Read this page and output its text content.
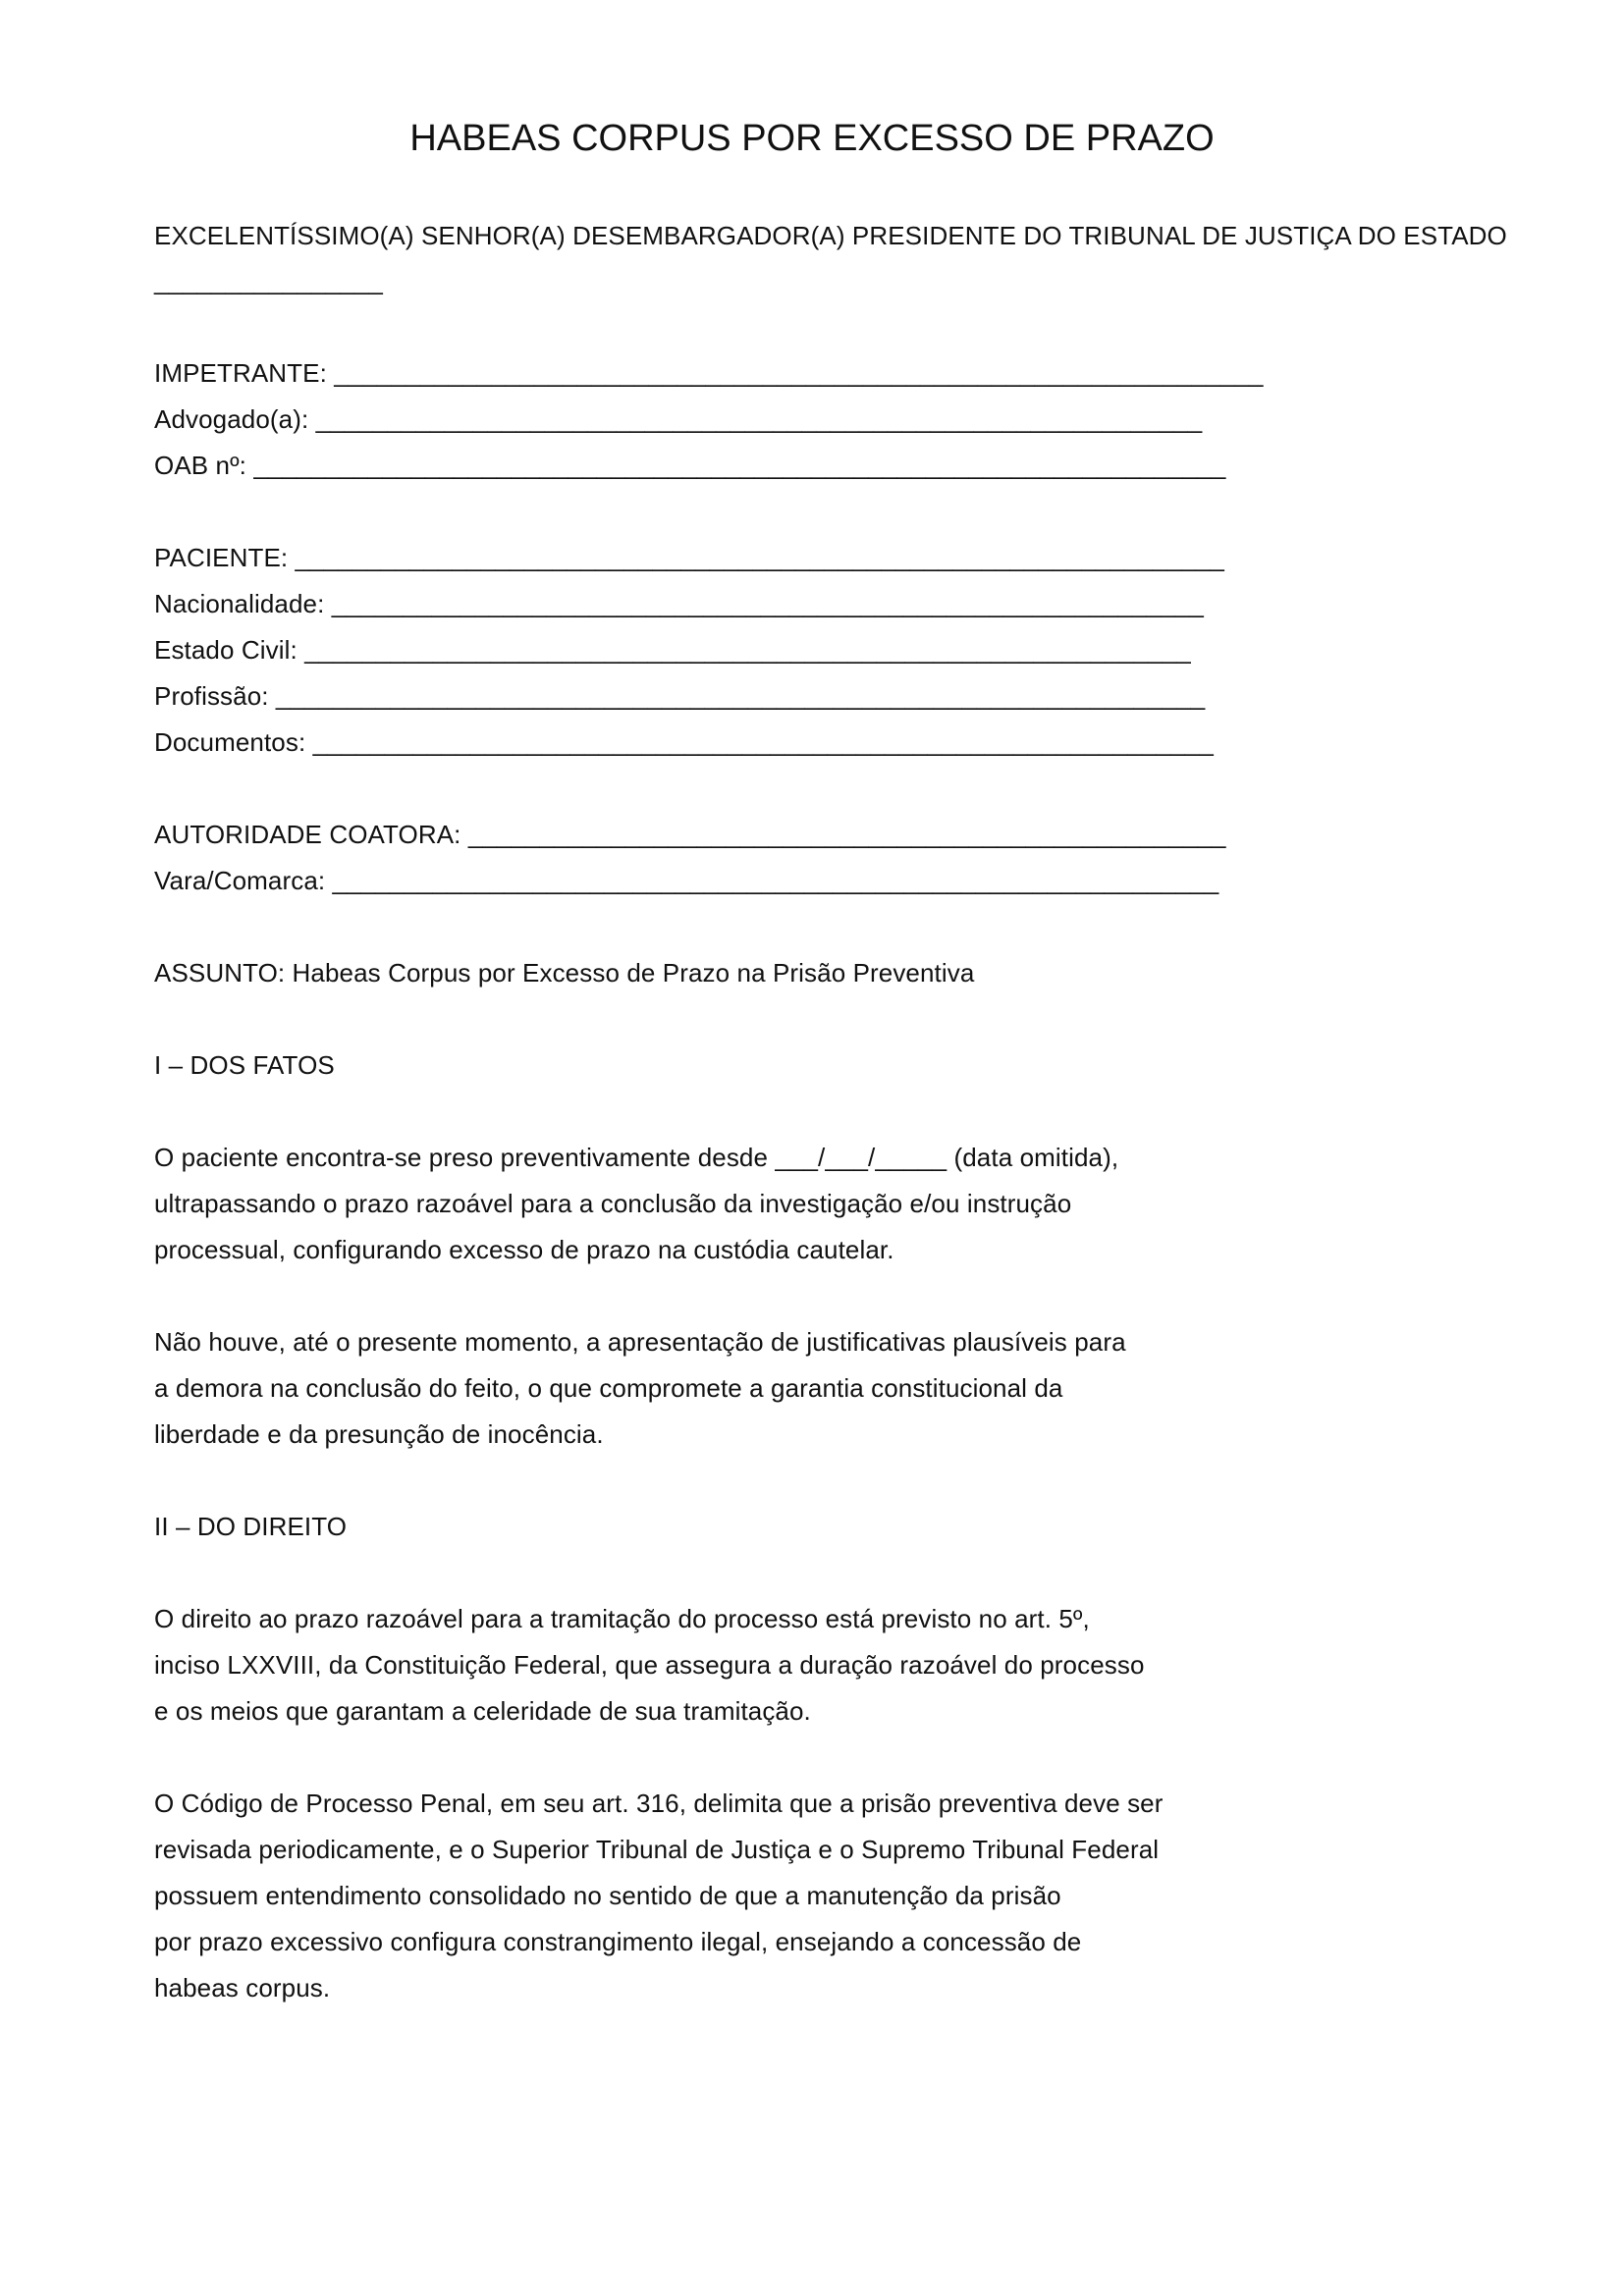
HABEAS CORPUS POR EXCESSO DE PRAZO
EXCELENTÍSSIMO(A) SENHOR(A) DESEMBARGADOR(A) PRESIDENTE DO TRIBUNAL DE JUSTIÇA DO ESTADO
________________
IMPETRANTE: _________________________________________________________________
Advogado(a): ______________________________________________________________
OAB nº: ____________________________________________________________________
PACIENTE: _________________________________________________________________
Nacionalidade: _____________________________________________________________
Estado Civil: ______________________________________________________________
Profissão: _________________________________________________________________
Documentos: _______________________________________________________________
AUTORIDADE COATORA: _____________________________________________________
Vara/Comarca: ______________________________________________________________
ASSUNTO: Habeas Corpus por Excesso de Prazo na Prisão Preventiva
I – DOS FATOS
O paciente encontra-se preso preventivamente desde ___/___/_____ (data omitida),
ultrapassando o prazo razoável para a conclusão da investigação e/ou instrução
processual, configurando excesso de prazo na custódia cautelar.
Não houve, até o presente momento, a apresentação de justificativas plausíveis para
a demora na conclusão do feito, o que compromete a garantia constitucional da
liberdade e da presunção de inocência.
II – DO DIREITO
O direito ao prazo razoável para a tramitação do processo está previsto no art. 5º,
inciso LXXVIII, da Constituição Federal, que assegura a duração razoável do processo
e os meios que garantam a celeridade de sua tramitação.
O Código de Processo Penal, em seu art. 316, delimita que a prisão preventiva deve ser
revisada periodicamente, e o Superior Tribunal de Justiça e o Supremo Tribunal Federal
possuem entendimento consolidado no sentido de que a manutenção da prisão
por prazo excessivo configura constrangimento ilegal, ensejando a concessão de
habeas corpus.
